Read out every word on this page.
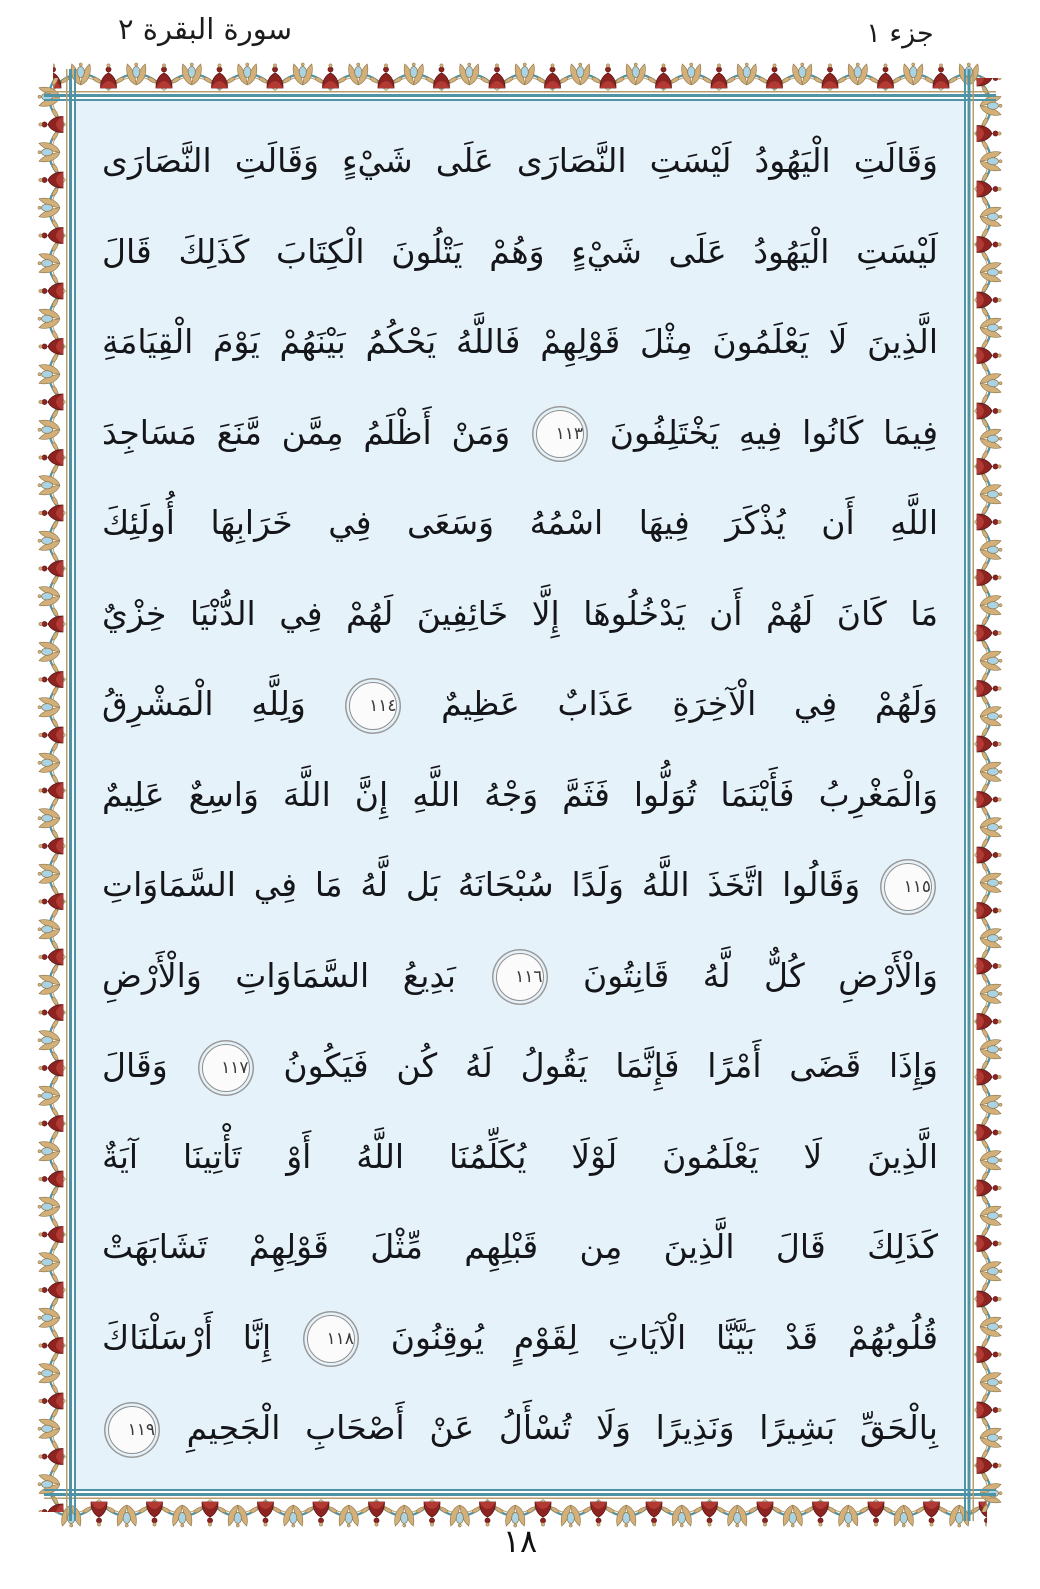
سورة البقرة ٢	جزء ١
وَقَالَتِ الْيَهُودُ لَيْسَتِ النَّصَارَى عَلَى شَيْءٍ وَقَالَتِ النَّصَارَى
لَيْسَتِ الْيَهُودُ عَلَى شَيْءٍ وَهُمْ يَتْلُونَ الْكِتَابَ كَذَلِكَ قَالَ
الَّذِينَ لَا يَعْلَمُونَ مِثْلَ قَوْلِهِمْ فَاللَّهُ يَحْكُمُ بَيْنَهُمْ يَوْمَ الْقِيَامَةِ
فِيمَا كَانُوا فِيهِ يَخْتَلِفُونَ ١١٣ وَمَنْ أَظْلَمُ مِمَّن مَّنَعَ مَسَاجِدَ
اللَّهِ أَن يُذْكَرَ فِيهَا اسْمُهُ وَسَعَى فِي خَرَابِهَا أُولَئِكَ
مَا كَانَ لَهُمْ أَن يَدْخُلُوهَا إِلَّا خَائِفِينَ لَهُمْ فِي الدُّنْيَا خِزْيٌ
وَلَهُمْ فِي الْآخِرَةِ عَذَابٌ عَظِيمٌ ١١٤ وَلِلَّهِ الْمَشْرِقُ
وَالْمَغْرِبُ فَأَيْنَمَا تُوَلُّوا فَثَمَّ وَجْهُ اللَّهِ إِنَّ اللَّهَ وَاسِعٌ عَلِيمٌ
١١٥ وَقَالُوا اتَّخَذَ اللَّهُ وَلَدًا سُبْحَانَهُ بَل لَّهُ مَا فِي السَّمَاوَاتِ
وَالْأَرْضِ كُلٌّ لَّهُ قَانِتُونَ ١١٦ بَدِيعُ السَّمَاوَاتِ وَالْأَرْضِ
وَإِذَا قَضَى أَمْرًا فَإِنَّمَا يَقُولُ لَهُ كُن فَيَكُونُ ١١٧ وَقَالَ
الَّذِينَ لَا يَعْلَمُونَ لَوْلَا يُكَلِّمُنَا اللَّهُ أَوْ تَأْتِينَا آيَةٌ
كَذَلِكَ قَالَ الَّذِينَ مِن قَبْلِهِم مِّثْلَ قَوْلِهِمْ تَشَابَهَتْ
قُلُوبُهُمْ قَدْ بَيَّنَّا الْآيَاتِ لِقَوْمٍ يُوقِنُونَ ١١٨ إِنَّا أَرْسَلْنَاكَ
بِالْحَقِّ بَشِيرًا وَنَذِيرًا وَلَا تُسْأَلُ عَنْ أَصْحَابِ الْجَحِيمِ ١١٩
١٨
